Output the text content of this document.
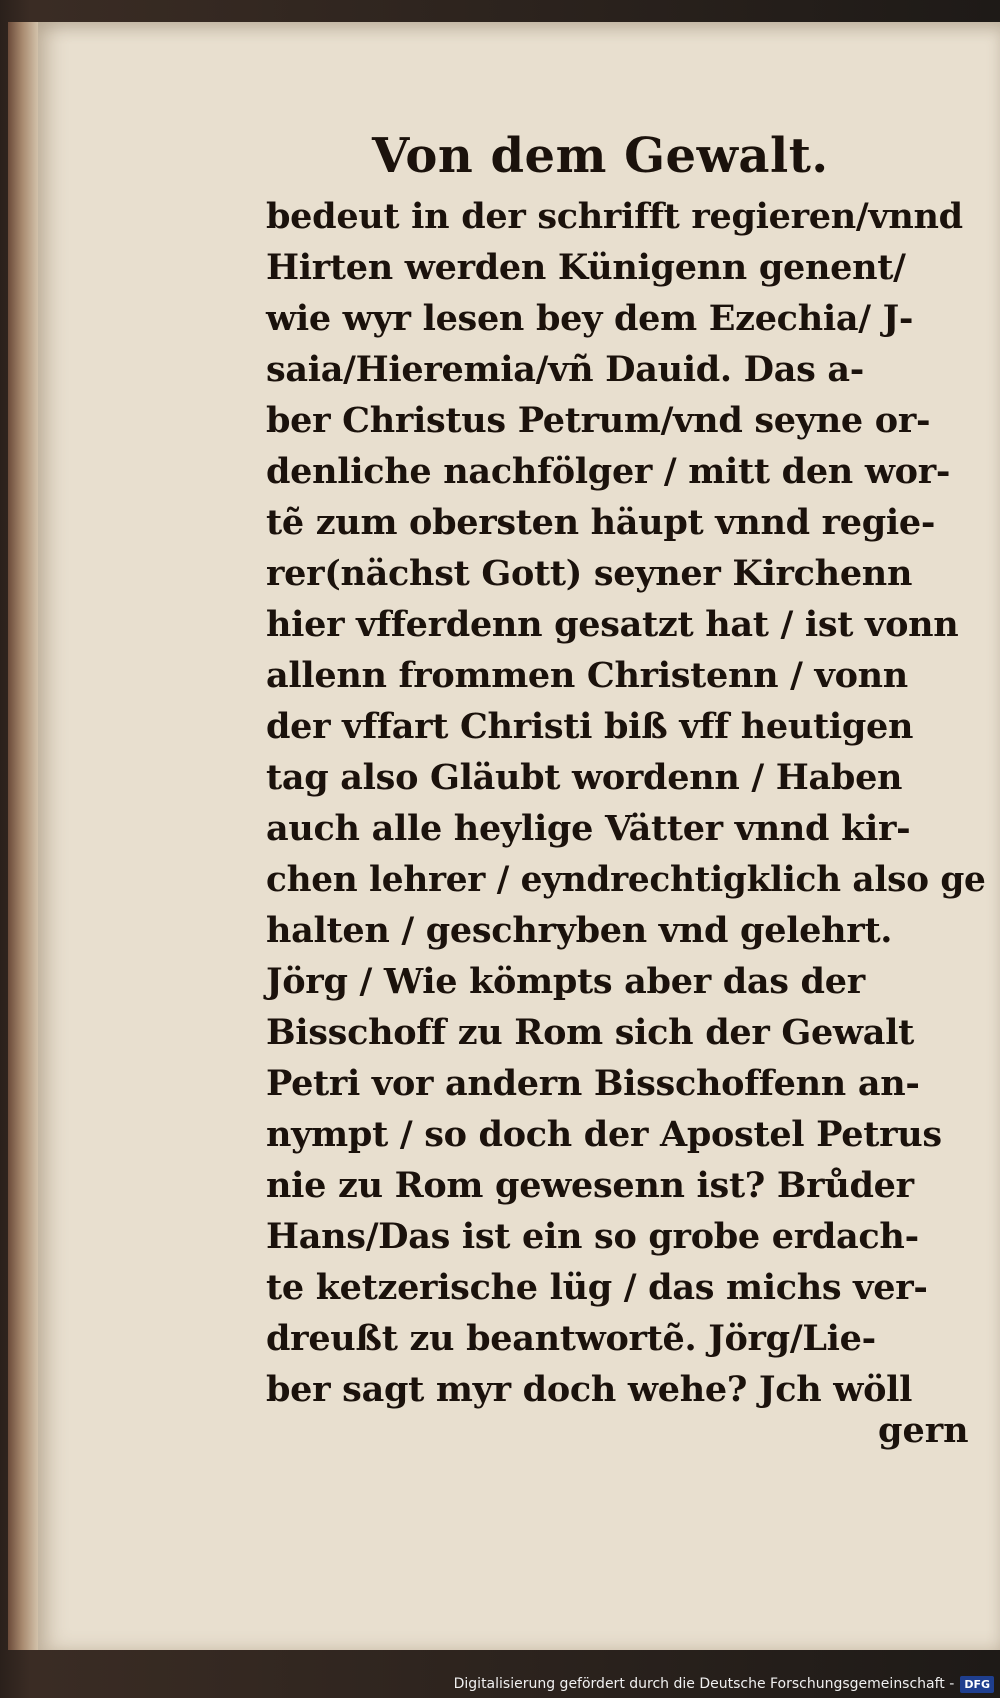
Von dem Gewalt.
bedeut in der schrifft regieren/vnnd
Hirten werden Künigenn genent/
wie wyr lesen bey dem Ezechia/ J-
saia/Hieremia/vñ Dauid. Das a-
ber Christus Petrum/vnd seyne or-
denliche nachfölger / mitt den wor-
tẽ zum obersten häupt vnnd regie-
rer(nächst Gott) seyner Kirchenn
hier vfferdenn gesatzt hat / ist vonn
allenn frommen Christenn / vonn
der vffart Christi biß vff heutigen
tag also Gläubt wordenn / Haben
auch alle heylige Vätter vnnd kir-
chen lehrer / eyndrechtigklich also ge
halten / geschryben vnd gelehrt.
Jörg / Wie kömpts aber das der
Bisschoff zu Rom sich der Gewalt
Petri vor andern Bisschoffenn an-
nympt / so doch der Apostel Petrus
nie zu Rom gewesenn ist? Brůder
Hans/Das ist ein so grobe erdach-
te ketzerische lüg / das michs ver-
dreußt zu beantwortẽ. Jörg/Lie-
ber sagt myr doch wehe? Jch wöll
gern
Digitalisierung gefördert durch die Deutsche Forschungsgemeinschaft - DFG
